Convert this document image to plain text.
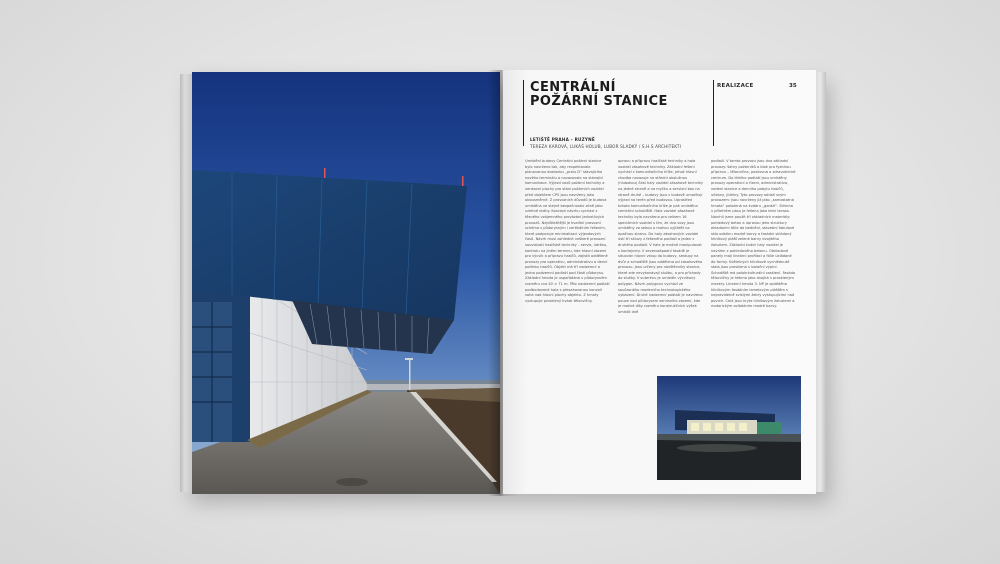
CENTRÁLNÍ
POŽÁRNÍ STANICE
REALIZACE	35
LETIŠTĚ PRAHA – RUZYNĚ
TEREZA KAROVÁ, LUKÁŠ HOLUB, LUBOR SLADKÝ / S.H.S ARCHITEKTI
Umístění budovy Centrální požární stanice bylo navrženo tak, aby respektovalo plánovanou dostavbu „prstu D“ stávajícího nového terminálu a navazovalo na stávající komunikace. Výjezd vozů požární techniky a venkovní plochy pro stání požárních vozidel před objektem CPS jsou navrženy jako obousměrné. Z provozních důvodů je budova umístěna ve stejné bezpečnostní zóně jako vzletné dráhy. Koncept návrhu vychází z těsného vzájemného provázání jednotlivých provozů. Nejdůležitější je kvalitní provozní schéma s půdorysným i vertikálním řešením, které podporuje minimalizaci výjezdových časů. Návrh musí zohlednit veškeré provozní souvislosti hasičské techniky – servis, údržbu, kontrolu na jiném terminu, kde hlavní zázemí pro výcvik a přípravu hasičů, zajistit oddělené provozy pro operativu, administrativu a denní potřebu hasičů. Objekt má tři nadzemní a jedno podzemní podlaží pod částí půdorysu. Základní hmota je uspořádána v půdorysném rozměru cca 40 × 71 m. Tělo nadzemní podlaží podbudované hala s přesahovanou konzolí sahá nad hlavní plochy objektu. Z hmoty vystupuje prosklený kvádr tělocvičny.
opravu a přípravu hasičské techniky a hala vozidel zásahové techniky. Základní řešení vychází z komunikačního kříže, jehož hlavní chodba navazuje na střední obslužnou (hlubokou) část haly vozidel zásahové techniky na jedné straně a na myčku a servisní box na straně druhé – budovy jsou v budově umožňují výjezd na terén před budovou. Uprostřed tohoto komunikačního kříže je pak umístěna centrální schodiště. Hala vozidel zásahové techniky byla navržena pro celkem 16 speciálních vozidel s tím, že dva vozy jsou umístěny za sebou a mohou vyjíždět na opačnou stranu. Do haly zásahových vozidel ústí tři skluzy z řešeného podlaží a jeden z druhého podlaží. V hale je možné manipulovat s kontejnery. V severozápadní fasádě je situován hlavní vstup do budovy, sestupy na dvůr a schodiště jsou oddělena od zásahového provozu. Jsou určeny pro návštěvníky stanice, které zde nevykonávají službu, a pro příchody do služby. V suterénu je umístěn výcvikový polygon. Návrh polygonu vychází ze současného moderního technologického vybavení. Druhé nadzemní podlaží je navrženo pouze nad půdorysem servisního zázemí, kde je možné díky rozměru konstrukčních výšek umístit dvě
podlaží. V tomto provozu jsou dva základní provozy: šatny požárníků a blok pro fyzickou přípravu – tělocvična, posilovna a zdravotnické centrum. Do třetího podlaží jsou umístěny provozy operativní a řízení, administrativa, vedení stanice a denního pobytu hasičů, učebny, jídelny. Tyto provozy odráží svým provozem: jsou navrženy již jako „samostatná hmota“ položená na kvádru „garáží“. Střecha v přilehlém pásu je řešena jako letní terasa. Navrhli jsme použít tři základních materiály: pohledový beton a úpravou jeho struktury ekladanim fólie do bednění, stavební fabulové sklo odstínu modré barvy a fasádní skládaný hliníkový plášť zelené barvy dvojitého žaluziem. Základní kvádr haly vozidel je navržen z pohledového betonu. Obkladové panely mají lineární profilaci a fólie ukládané do formy. Světelných hliníkové vychlédnuté stala jsou prosklena s izolační výplní. Schodiště má polokrkulturální zasklení. Fasáda tělocvičny je řešena jako dvojitá s proskleným mezery. Lineární hmota 3. NP je opláštěna hliníkovým fasádním lamelovým pláštěm s nepravidelně svislými žebry vystupujícími nad povrch. Celá jsou kryta hliníkovým žaluziemi a motorickým ovládáním modré barvy.
